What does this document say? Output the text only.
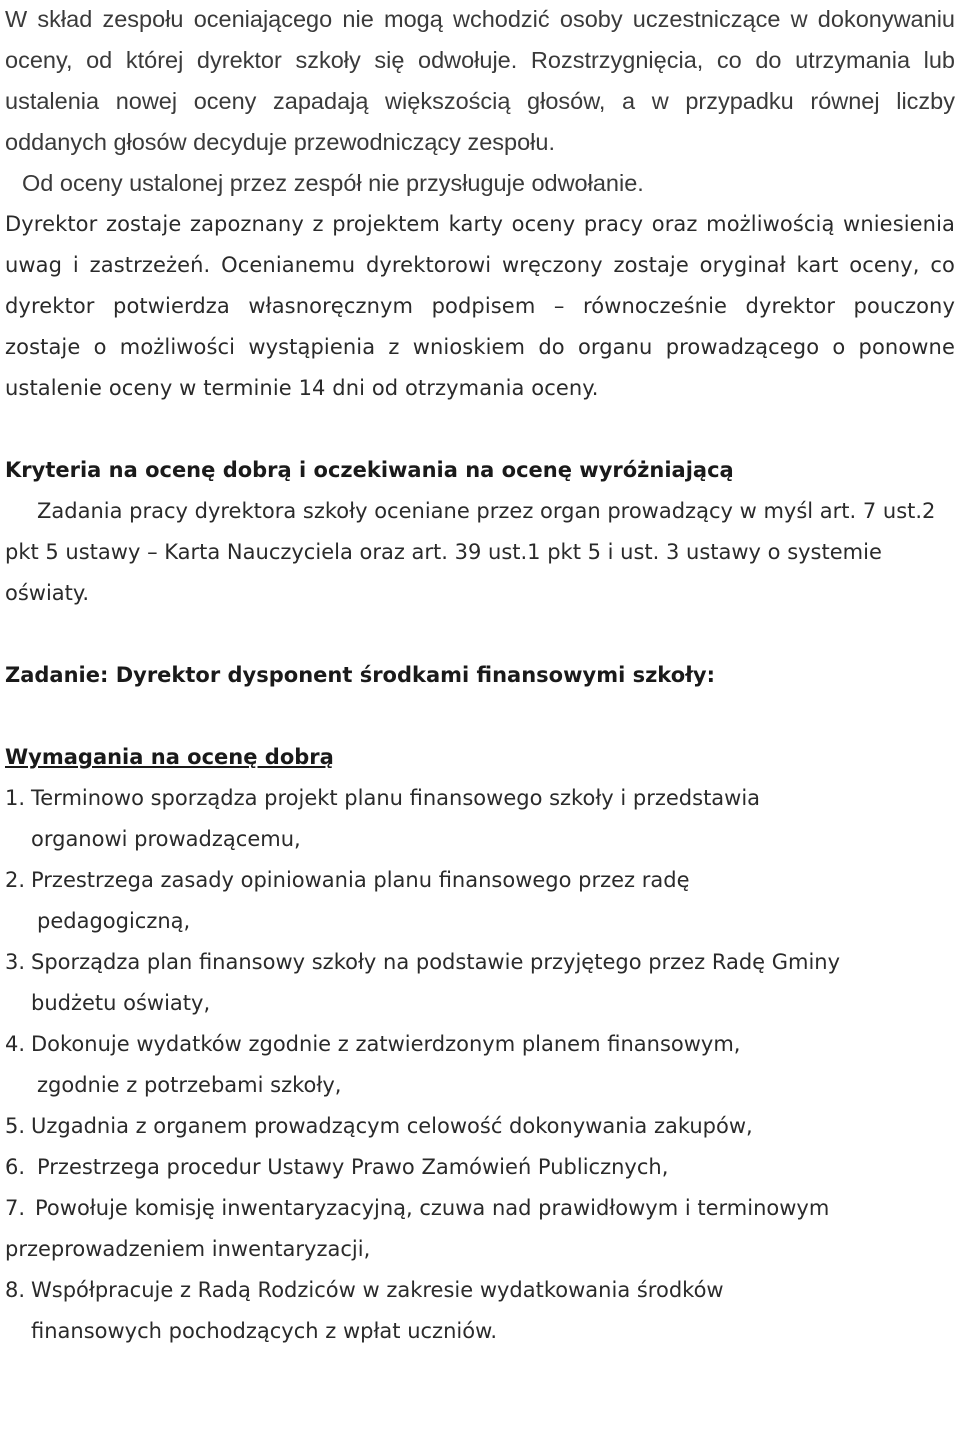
W skład zespołu oceniającego nie mogą wchodzić osoby uczestniczące w dokonywaniu oceny, od której dyrektor szkoły się odwołuje. Rozstrzygnięcia, co do utrzymania lub ustalenia nowej oceny zapadają większością głosów, a w przypadku równej liczby oddanych głosów decyduje przewodniczący zespołu.

Od oceny ustalonej przez zespół nie przysługuje odwołanie.

Dyrektor zostaje zapoznany z projektem karty oceny pracy oraz możliwością wniesienia uwag i zastrzeżeń. Ocenianemu dyrektorowi wręczony zostaje oryginał kart oceny, co dyrektor potwierdza własnoręcznym podpisem – równocześnie dyrektor pouczony zostaje o możliwości wystąpienia z wnioskiem do organu prowadzącego o ponowne ustalenie oceny w terminie 14 dni od otrzymania oceny.

Kryteria na ocenę dobrą i oczekiwania na ocenę wyróżniającą

Zadania pracy dyrektora szkoły oceniane przez organ prowadzący w myśl art. 7 ust.2 pkt 5 ustawy – Karta Nauczyciela oraz art. 39 ust.1 pkt 5 i ust. 3 ustawy o systemie oświaty.

Zadanie: Dyrektor dysponent środkami finansowymi szkoły:

Wymagania na ocenę dobrą

1. Terminowo sporządza projekt planu finansowego szkoły i przedstawia
organowi prowadzącemu,
2. Przestrzega zasady opiniowania planu finansowego przez radę
pedagogiczną,
3. Sporządza plan finansowy szkoły na podstawie przyjętego przez Radę Gminy
budżetu oświaty,
4. Dokonuje wydatków zgodnie z zatwierdzonym planem finansowym,
zgodnie z potrzebami szkoły,
5. Uzgadnia z organem prowadzącym celowość dokonywania zakupów,
6. Przestrzega procedur Ustawy Prawo Zamówień Publicznych,
7. Powołuje komisję inwentaryzacyjną, czuwa nad prawidłowym i terminowym
przeprowadzeniem inwentaryzacji,
8. Współpracuje z Radą Rodziców w zakresie wydatkowania środków
finansowych pochodzących z wpłat uczniów.
